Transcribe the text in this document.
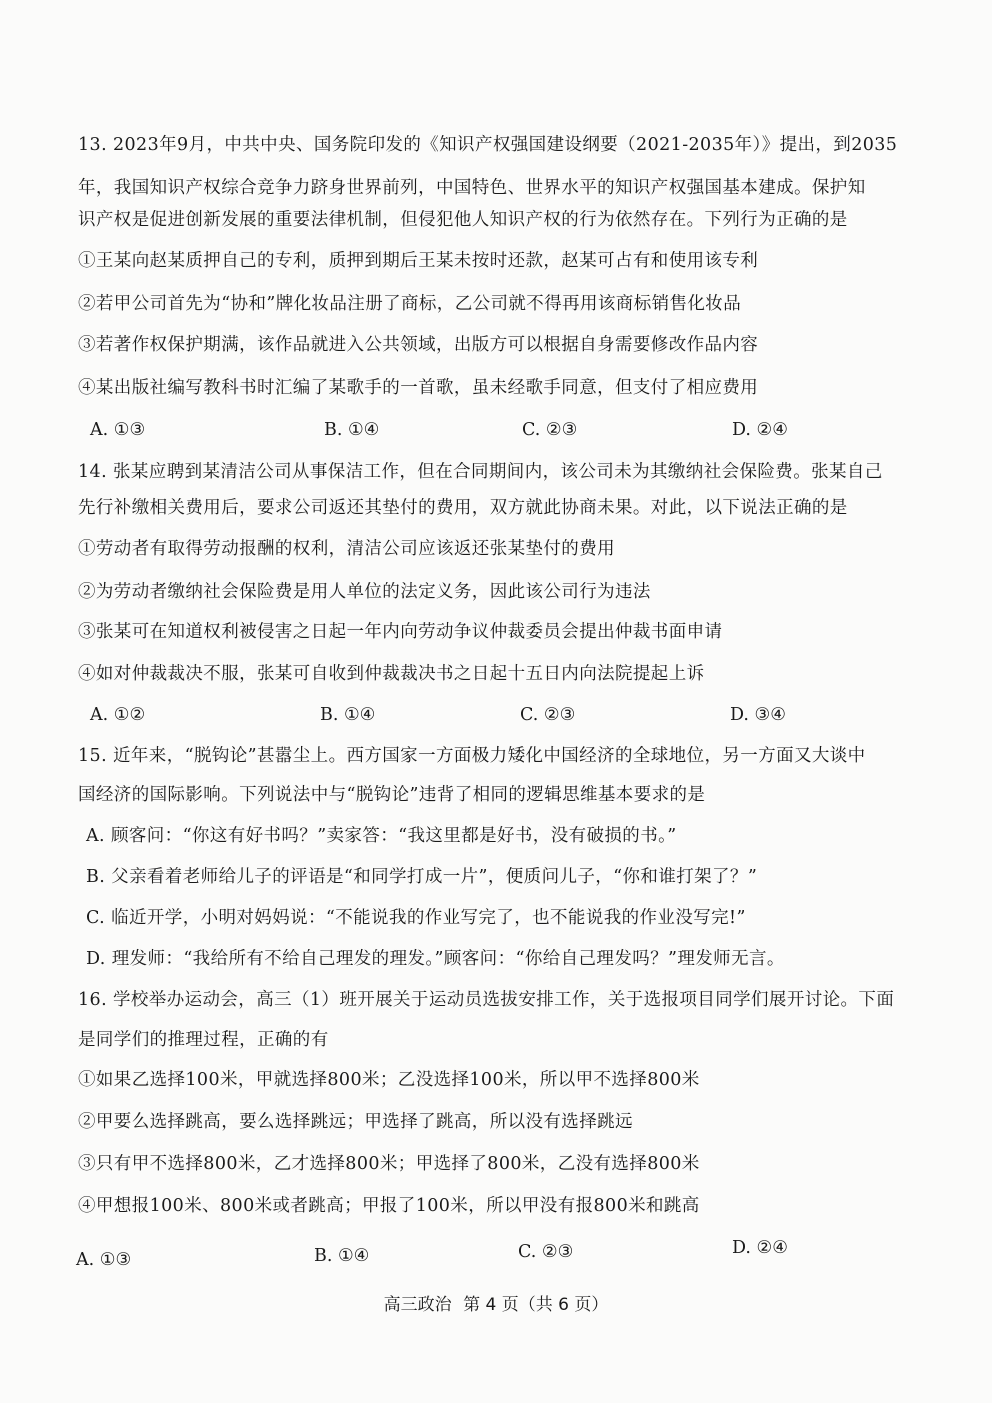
13. 2023年9月，中共中央、国务院印发的《知识产权强国建设纲要（2021-2035年）》提出，到2035
年，我国知识产权综合竞争力跻身世界前列，中国特色、世界水平的知识产权强国基本建成。保护知
识产权是促进创新发展的重要法律机制，但侵犯他人知识产权的行为依然存在。下列行为正确的是
①王某向赵某质押自己的专利，质押到期后王某未按时还款，赵某可占有和使用该专利
②若甲公司首先为“协和”牌化妆品注册了商标，乙公司就不得再用该商标销售化妆品
③若著作权保护期满，该作品就进入公共领域，出版方可以根据自身需要修改作品内容
④某出版社编写教科书时汇编了某歌手的一首歌，虽未经歌手同意，但支付了相应费用
A. ①③	B. ①④	C. ②③	D. ②④
14. 张某应聘到某清洁公司从事保洁工作，但在合同期间内，该公司未为其缴纳社会保险费。张某自己
先行补缴相关费用后，要求公司返还其垫付的费用，双方就此协商未果。对此，以下说法正确的是
①劳动者有取得劳动报酬的权利，清洁公司应该返还张某垫付的费用
②为劳动者缴纳社会保险费是用人单位的法定义务，因此该公司行为违法
③张某可在知道权利被侵害之日起一年内向劳动争议仲裁委员会提出仲裁书面申请
④如对仲裁裁决不服，张某可自收到仲裁裁决书之日起十五日内向法院提起上诉
A. ①②	B. ①④	C. ②③	D. ③④
15. 近年来，“脱钩论”甚嚣尘上。西方国家一方面极力矮化中国经济的全球地位，另一方面又大谈中
国经济的国际影响。下列说法中与“脱钩论”违背了相同的逻辑思维基本要求的是
A. 顾客问：“你这有好书吗？”卖家答：“我这里都是好书，没有破损的书。”
B. 父亲看着老师给儿子的评语是“和同学打成一片”，便质问儿子，“你和谁打架了？”
C. 临近开学，小明对妈妈说：“不能说我的作业写完了，也不能说我的作业没写完!”
D. 理发师：“我给所有不给自己理发的理发。”顾客问：“你给自己理发吗？”理发师无言。
16. 学校举办运动会，高三（1）班开展关于运动员选拔安排工作，关于选报项目同学们展开讨论。下面
是同学们的推理过程，正确的有
①如果乙选择100米，甲就选择800米；乙没选择100米，所以甲不选择800米
②甲要么选择跳高，要么选择跳远；甲选择了跳高，所以没有选择跳远
③只有甲不选择800米，乙才选择800米；甲选择了800米，乙没有选择800米
④甲想报100米、800米或者跳高；甲报了100米，所以甲没有报800米和跳高
A. ①③	B. ①④	C. ②③	D. ②④
高三政治 第 4 页（共 6 页）
